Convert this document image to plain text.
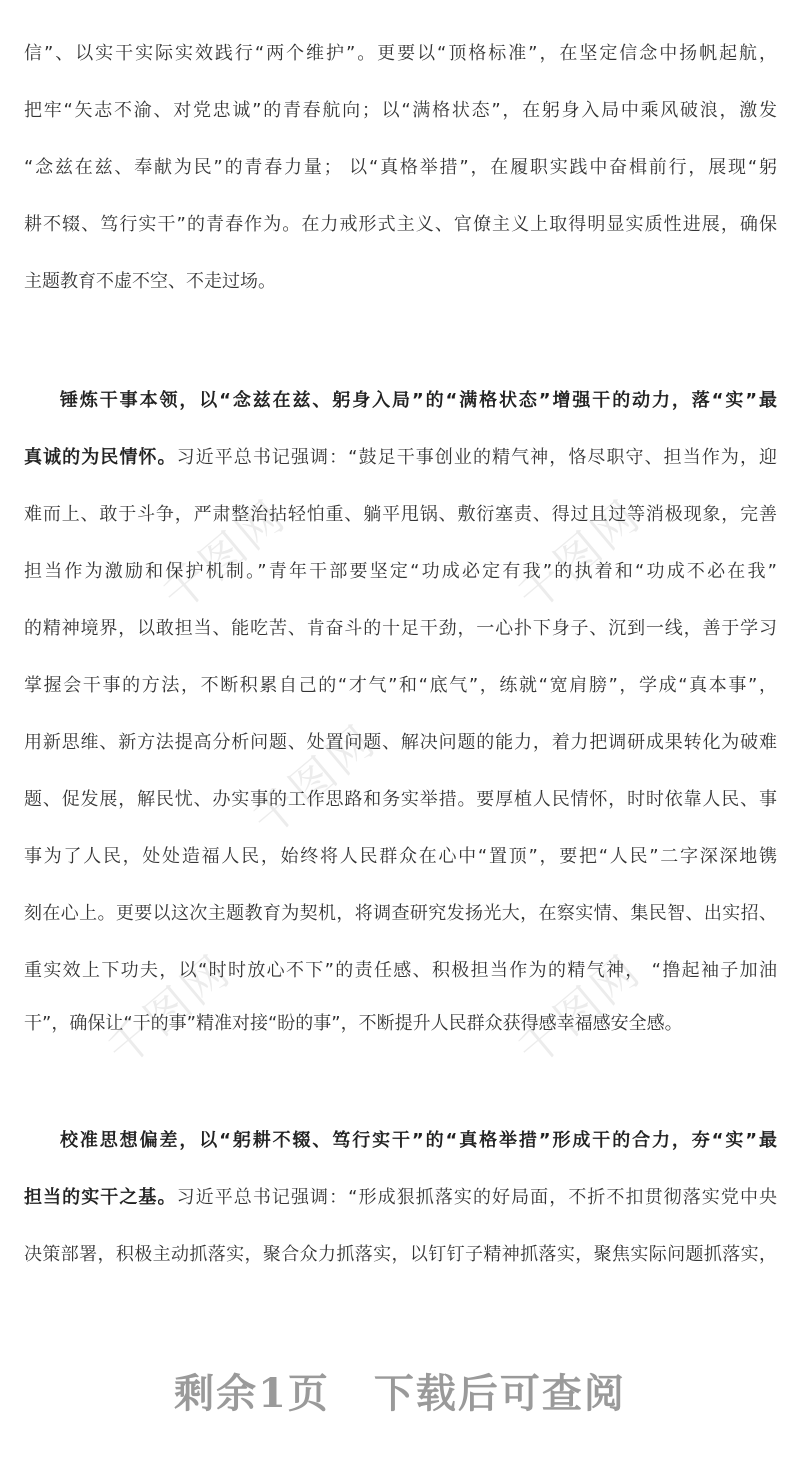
千图网	千图网
千图网
千图网	千图网
信”、以实干实际实效践行“两个维护”。更要以“顶格标准”，在坚定信念中扬帆起航，
把牢“矢志不渝、对党忠诚”的青春航向；以“满格状态”，在躬身入局中乘风破浪，激发
“念兹在兹、奉献为民”的青春力量； 以“真格举措”，在履职实践中奋楫前行，展现“躬
耕不辍、笃行实干”的青春作为。在力戒形式主义、官僚主义上取得明显实质性进展，确保
主题教育不虚不空、不走过场。
锤炼干事本领，以“念兹在兹、躬身入局”的“满格状态”增强干的动力，落“实”最
真诚的为民情怀。习近平总书记强调：“鼓足干事创业的精气神，恪尽职守、担当作为，迎
难而上、敢于斗争，严肃整治拈轻怕重、躺平甩锅、敷衍塞责、得过且过等消极现象，完善
担当作为激励和保护机制。”青年干部要坚定“功成必定有我”的执着和“功成不必在我”
的精神境界，以敢担当、能吃苦、肯奋斗的十足干劲，一心扑下身子、沉到一线，善于学习
掌握会干事的方法，不断积累自己的“才气”和“底气”，练就“宽肩膀”，学成“真本事”，
用新思维、新方法提高分析问题、处置问题、解决问题的能力，着力把调研成果转化为破难
题、促发展，解民忧、办实事的工作思路和务实举措。要厚植人民情怀，时时依靠人民、事
事为了人民，处处造福人民，始终将人民群众在心中“置顶”，要把“人民”二字深深地镌
刻在心上。更要以这次主题教育为契机，将调查研究发扬光大，在察实情、集民智、出实招、
重实效上下功夫，以“时时放心不下”的责任感、积极担当作为的精气神， “撸起袖子加油
干”，确保让“干的事”精准对接“盼的事”，不断提升人民群众获得感幸福感安全感。
校准思想偏差，以“躬耕不辍、笃行实干”的“真格举措”形成干的合力，夯“实”最
担当的实干之基。习近平总书记强调：“形成狠抓落实的好局面，不折不扣贯彻落实党中央
决策部署，积极主动抓落实，聚合众力抓落实，以钉钉子精神抓落实，聚焦实际问题抓落实，
剩余1页 下载后可查阅
